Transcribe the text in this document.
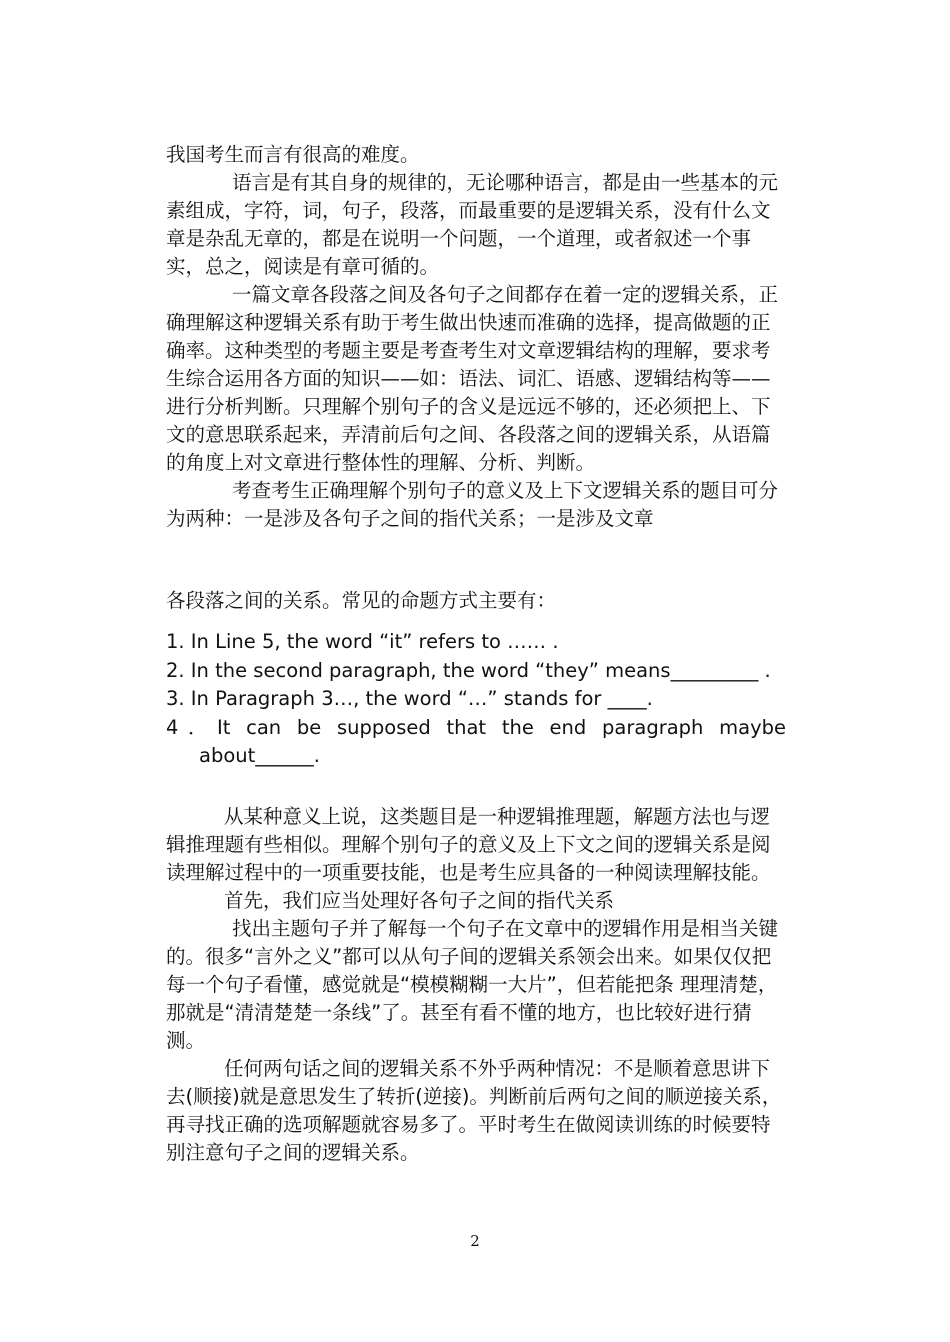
我国考生而言有很高的难度。

语言是有其自身的规律的，无论哪种语言，都是由一些基本的元素组成，字符，词，句子，段落，而最重要的是逻辑关系，没有什么文章是杂乱无章的，都是在说明一个问题，一个道理，或者叙述一个事实，总之，阅读是有章可循的。

一篇文章各段落之间及各句子之间都存在着一定的逻辑关系，正确理解这种逻辑关系有助于考生做出快速而准确的选择，提高做题的正确率。这种类型的考题主要是考查考生对文章逻辑结构的理解，要求考生综合运用各方面的知识——如：语法、词汇、语感、逻辑结构等——进行分析判断。只理解个别句子的含义是远远不够的，还必须把上、下文的意思联系起来，弄清前后句之间、各段落之间的逻辑关系，从语篇的角度上对文章进行整体性的理解、分析、判断。

考查考生正确理解个别句子的意义及上下文逻辑关系的题目可分为两种：一是涉及各句子之间的指代关系；一是涉及文章

各段落之间的关系。常见的命题方式主要有：

1. In Line 5, the word “it” refers to …… .
2. In the second paragraph, the word “they” means_________ .
3. In Paragraph 3…, the word “…” stands for ____.
4．It can be supposed that the end paragraph maybe about______.

从某种意义上说，这类题目是一种逻辑推理题，解题方法也与逻辑推理题有些相似。理解个别句子的意义及上下文之间的逻辑关系是阅读理解过程中的一项重要技能，也是考生应具备的一种阅读理解技能。

首先，我们应当处理好各句子之间的指代关系

找出主题句子并了解每一个句子在文章中的逻辑作用是相当关键的。很多“言外之义”都可以从句子间的逻辑关系领会出来。如果仅仅把每一个句子看懂，感觉就是“模模糊糊一大片”，但若能把条 理理清楚，那就是“清清楚楚一条线”了。甚至有看不懂的地方，也比较好进行猜测。

任何两句话之间的逻辑关系不外乎两种情况：不是顺着意思讲下去(顺接)就是意思发生了转折(逆接)。判断前后两句之间的顺逆接关系，再寻找正确的选项解题就容易多了。平时考生在做阅读训练的时候要特别注意句子之间的逻辑关系。

2
